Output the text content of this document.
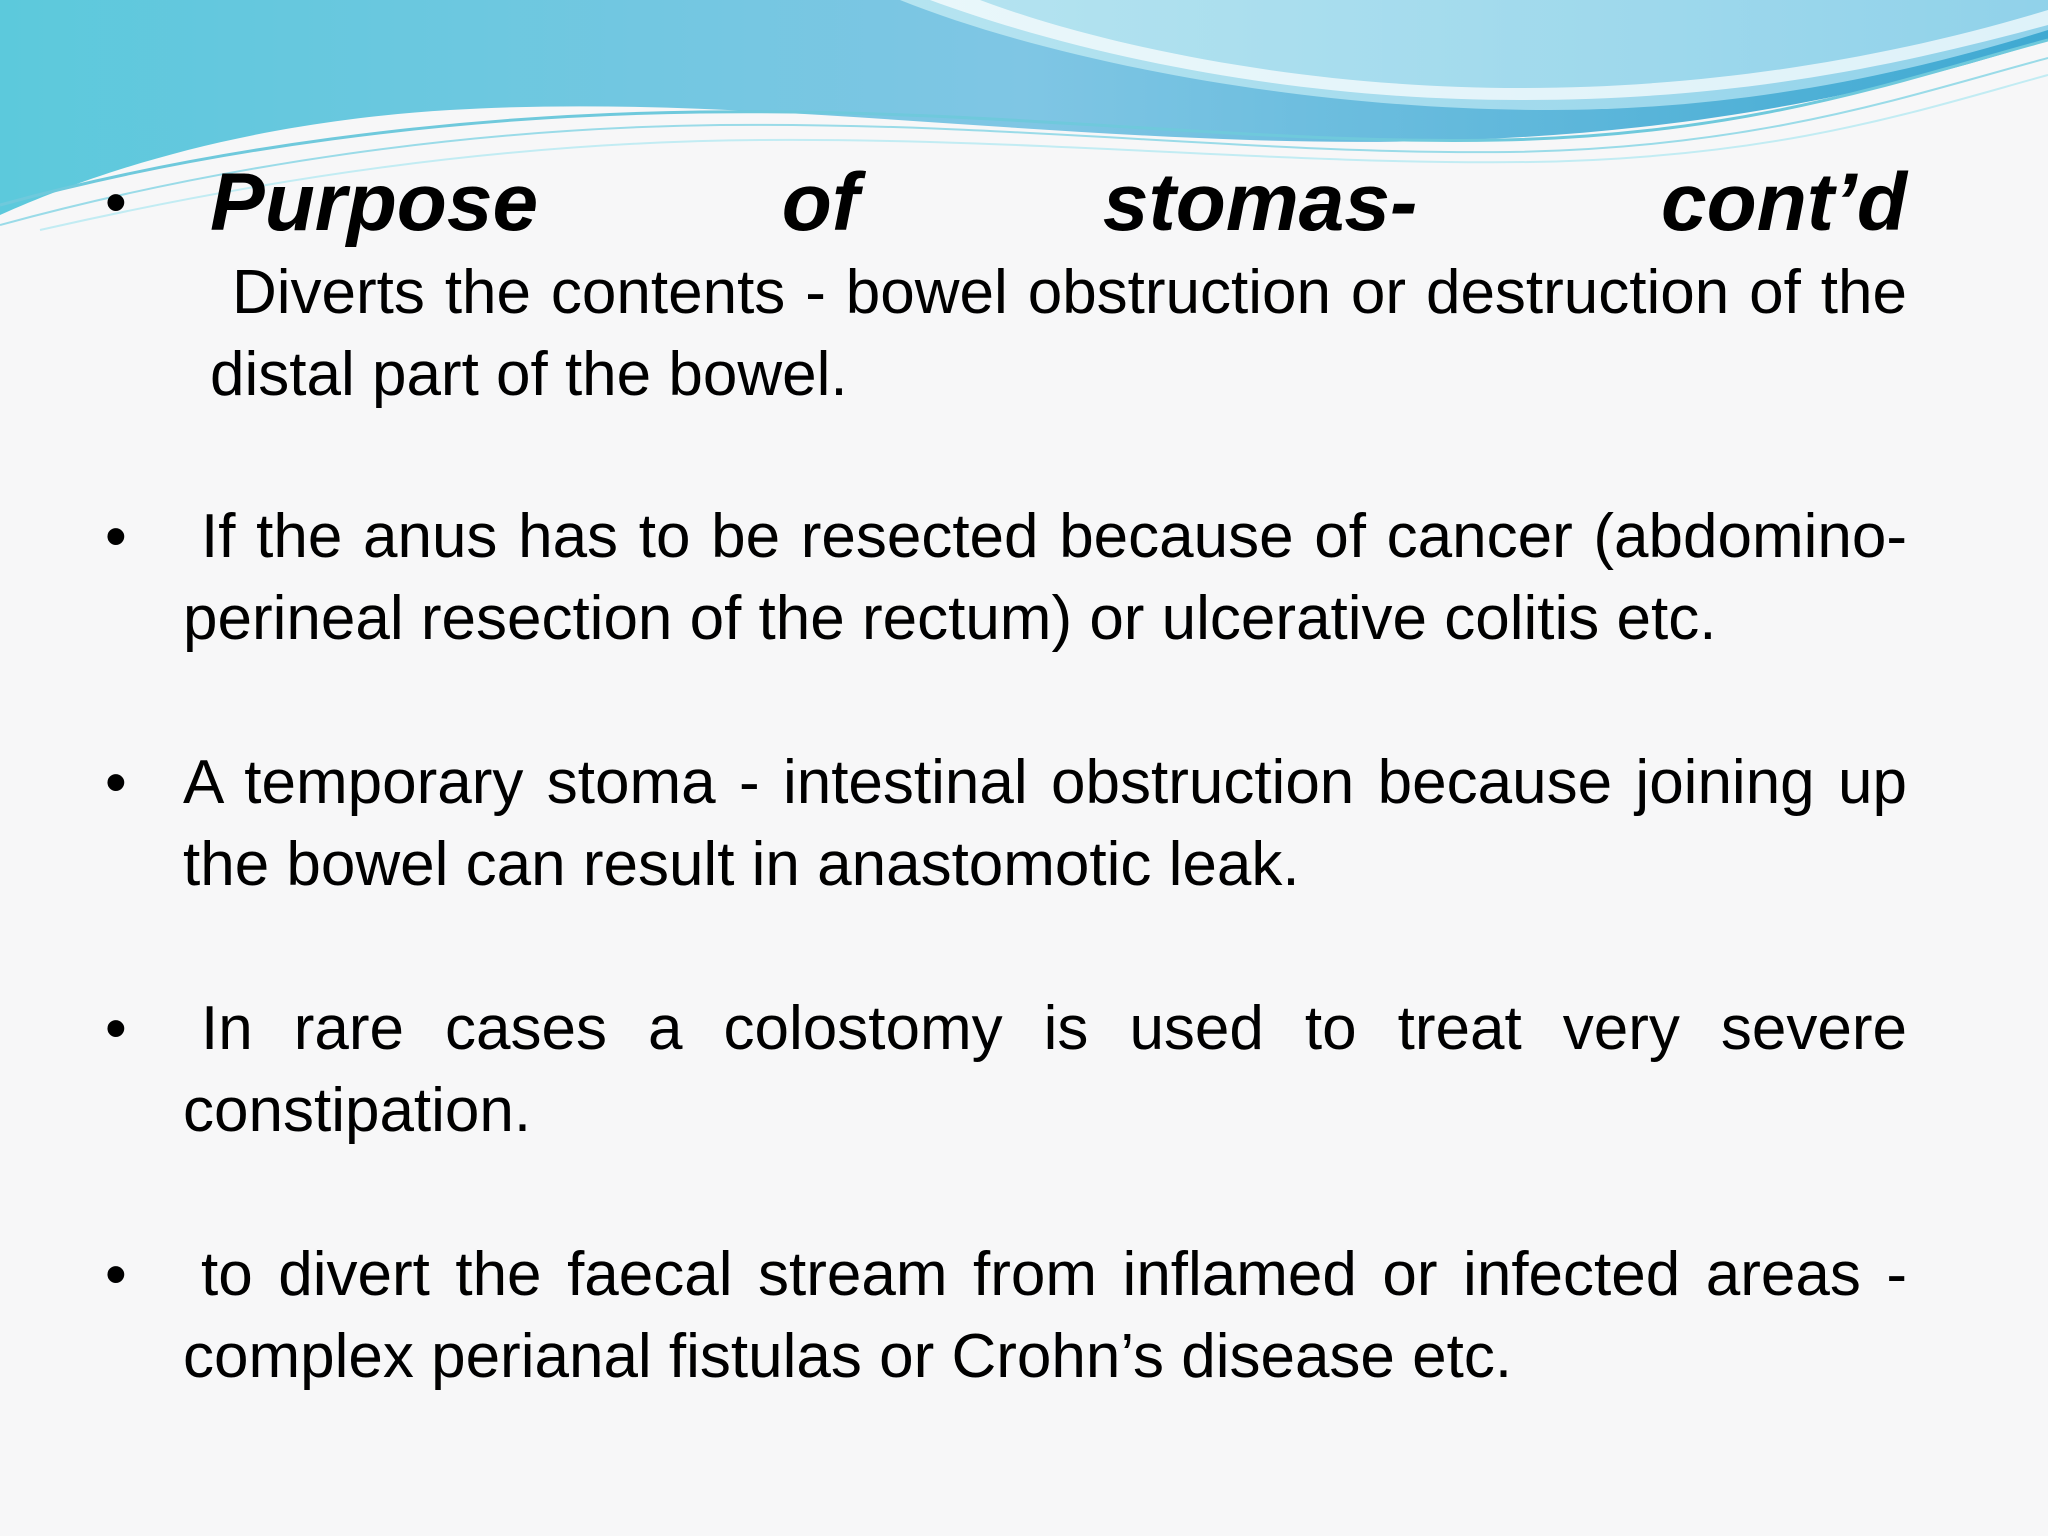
• Purpose	of	stomas-	cont’d
Diverts the contents - bowel obstruction or destruction of the distal part of the bowel.
• If the anus has to be resected because of cancer (abdomino-perineal resection of the rectum) or ulcerative colitis etc.
• A temporary stoma - intestinal obstruction because joining up the bowel can result in anastomotic leak.
• In rare cases a colostomy is used to treat very severe constipation.
• to divert the faecal stream from inflamed or infected areas - complex perianal fistulas or Crohn’s disease etc.
